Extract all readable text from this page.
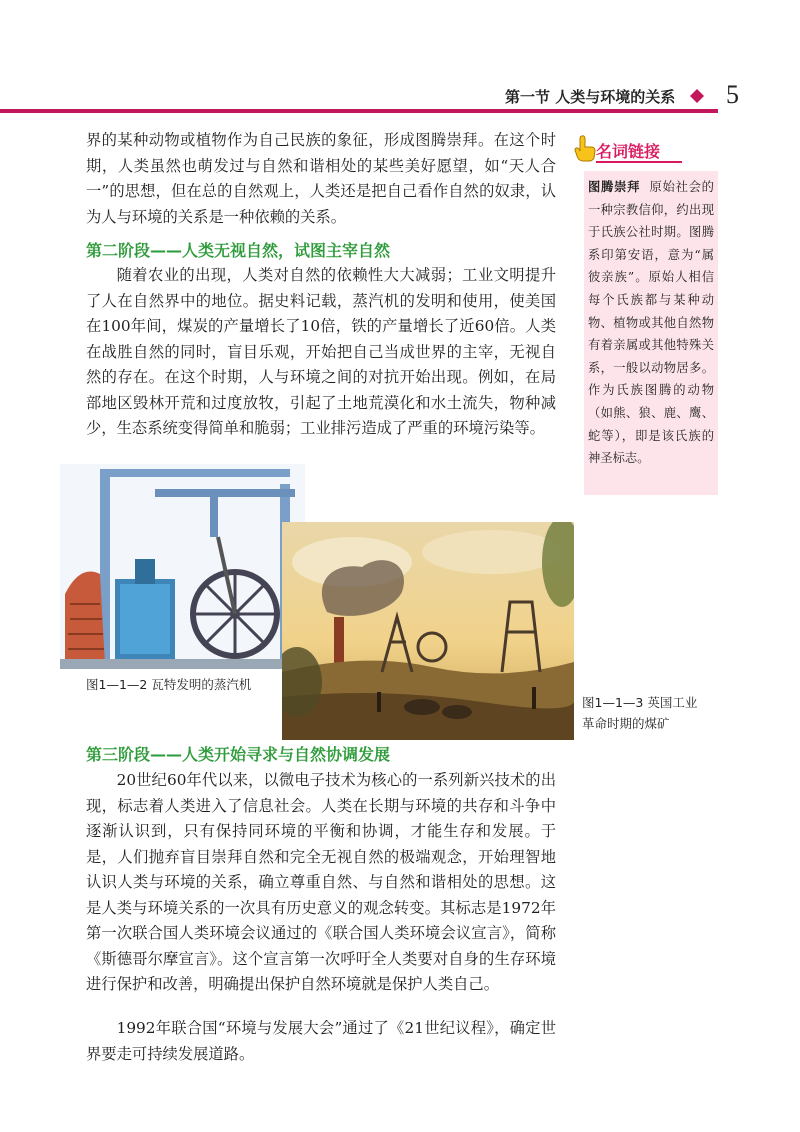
第一节 人类与环境的关系 5
界的某种动物或植物作为自己民族的象征，形成图腾崇拜。在这个时期，人类虽然也萌发过与自然和谐相处的某些美好愿望，如“天人合一”的思想，但在总的自然观上，人类还是把自己看作自然的奴隶，认为人与环境的关系是一种依赖的关系。
第二阶段——人类无视自然，试图主宰自然
随着农业的出现，人类对自然的依赖性大大减弱；工业文明提升了人在自然界中的地位。据史料记载，蒸汽机的发明和使用，使美国在100年间，煤炭的产量增长了10倍，铁的产量增长了近60倍。人类在战胜自然的同时，盲目乐观，开始把自己当成世界的主宰，无视自然的存在。在这个时期，人与环境之间的对抗开始出现。例如，在局部地区毁林开荒和过度放牧，引起了土地荒漠化和水土流失，物种减少，生态系统变得简单和脆弱；工业排污造成了严重的环境污染等。
名词链接
图腾崇拜 原始社会的一种宗教信仰，约出现于氏族公社时期。图腾系印第安语，意为“属彼亲族”。原始人相信每个氏族都与某种动物、植物或其他自然物有着亲属或其他特殊关系，一般以动物居多。作为氏族图腾的动物（如熊、狼、鹿、鹰、蛇等），即是该氏族的神圣标志。
图1—1—2 瓦特发明的蒸汽机
图1—1—3 英国工业
革命时期的煤矿
第三阶段——人类开始寻求与自然协调发展
20世纪60年代以来，以微电子技术为核心的一系列新兴技术的出现，标志着人类进入了信息社会。人类在长期与环境的共存和斗争中逐渐认识到，只有保持同环境的平衡和协调，才能生存和发展。于是，人们抛弃盲目崇拜自然和完全无视自然的极端观念，开始理智地认识人类与环境的关系，确立尊重自然、与自然和谐相处的思想。这是人类与环境关系的一次具有历史意义的观念转变。其标志是1972年第一次联合国人类环境会议通过的《联合国人类环境会议宣言》，简称《斯德哥尔摩宣言》。这个宣言第一次呼吁全人类要对自身的生存环境进行保护和改善，明确提出保护自然环境就是保护人类自己。
1992年联合国“环境与发展大会”通过了《21世纪议程》，确定世界要走可持续发展道路。
